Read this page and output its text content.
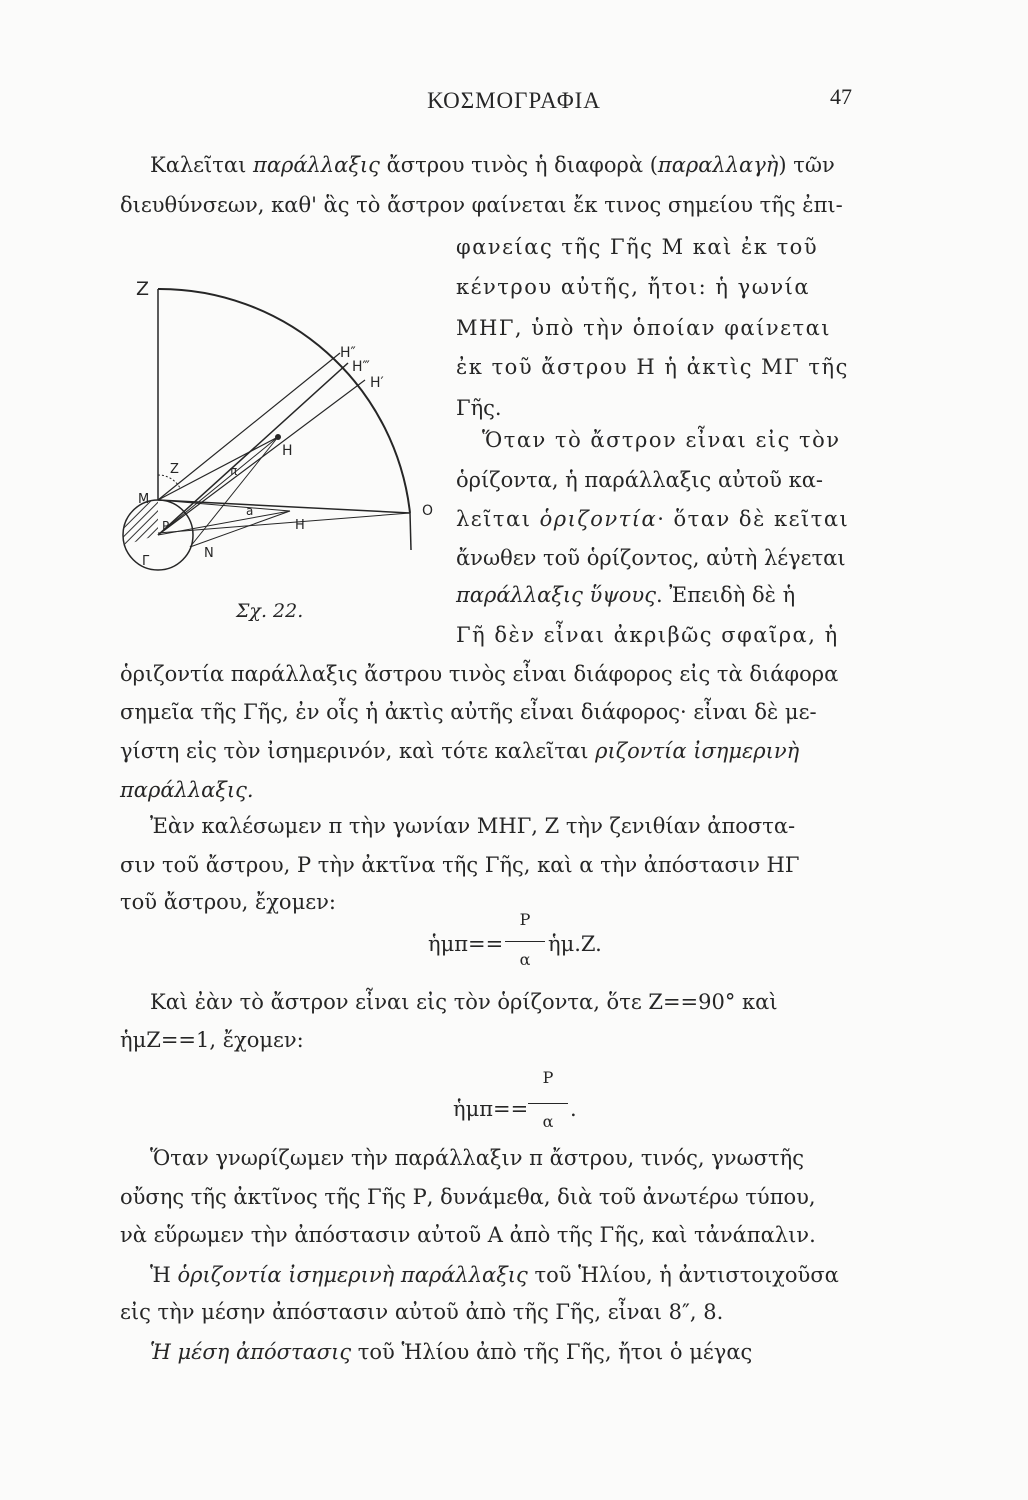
ΚΟΣΜΟΓΡΑΦΙΑ	47
Z
H″
H‴
H′
H
Z	π
M
O
H
a
P
Γ
N
Σχ. 22.
Καλεῖται παράλλαξις ἄστρου τινὸς ἡ διαφορὰ (παραλλαγὴ) τῶν
διευθύνσεων, καθ' ἃς τὸ ἄστρον φαίνεται ἔκ τινος σημείου τῆς ἐπι-
φανείας τῆς Γῆς Μ καὶ ἐκ τοῦ
κέντρου αὐτῆς, ἤτοι: ἡ γωνία
ΜΗΓ, ὑπὸ τὴν ὁποίαν φαίνεται
ἐκ τοῦ ἄστρου Η ἡ ἀκτὶς ΜΓ τῆς
Γῆς.
Ὅταν τὸ ἄστρον εἶναι εἰς τὸν
ὁρίζοντα, ἡ παράλλαξις αὐτοῦ κα-
λεῖται ὁριζοντία· ὅταν δὲ κεῖται
ἄνωθεν τοῦ ὁρίζοντος, αὐτὴ λέγεται
παράλλαξις ὕψους. Ἐπειδὴ δὲ ἡ
Γῆ δὲν εἶναι ἀκριβῶς σφαῖρα, ἡ
ὁριζοντία παράλλαξις ἄστρου τινὸς εἶναι διάφορος εἰς τὰ διάφορα
σημεῖα τῆς Γῆς, ἐν οἷς ἡ ἀκτὶς αὐτῆς εἶναι διάφορος· εἶναι δὲ με-
γίστη εἰς τὸν ἰσημερινόν, καὶ τότε καλεῖται ριζοντία ἰσημερινὴ
παράλλαξις.
Ἐὰν καλέσωμεν π τὴν γωνίαν ΜΗΓ, Ζ τὴν ζενιθίαν ἀποστα-
σιν τοῦ ἄστρου, Ρ τὴν ἀκτῖνα τῆς Γῆς, καὶ α τὴν ἀπόστασιν ΗΓ
τοῦ ἄστρου, ἔχομεν:
ἡμπ==
P
α
ἡμ.Z.
Καὶ ἐὰν τὸ ἄστρον εἶναι εἰς τὸν ὁρίζοντα, ὅτε Z==90° καὶ
ἡμZ==1, ἔχομεν:
ἡμπ==
P
α
.
Ὅταν γνωρίζωμεν τὴν παράλλαξιν π ἄστρου, τινός, γνωστῆς
οὔσης τῆς ἀκτῖνος τῆς Γῆς Ρ, δυνάμεθα, διὰ τοῦ ἀνωτέρω τύπου,
νὰ εὕρωμεν τὴν ἀπόστασιν αὐτοῦ Α ἀπὸ τῆς Γῆς, καὶ τἀνάπαλιν.
Ἡ ὁριζοντία ἰσημερινὴ παράλλαξις τοῦ Ἡλίου, ἡ ἀντιστοιχοῦσα
εἰς τὴν μέσην ἀπόστασιν αὐτοῦ ἀπὸ τῆς Γῆς, εἶναι 8″, 8.
Ἡ μέση ἀπόστασις τοῦ Ἡλίου ἀπὸ τῆς Γῆς, ἤτοι ὁ μέγας
